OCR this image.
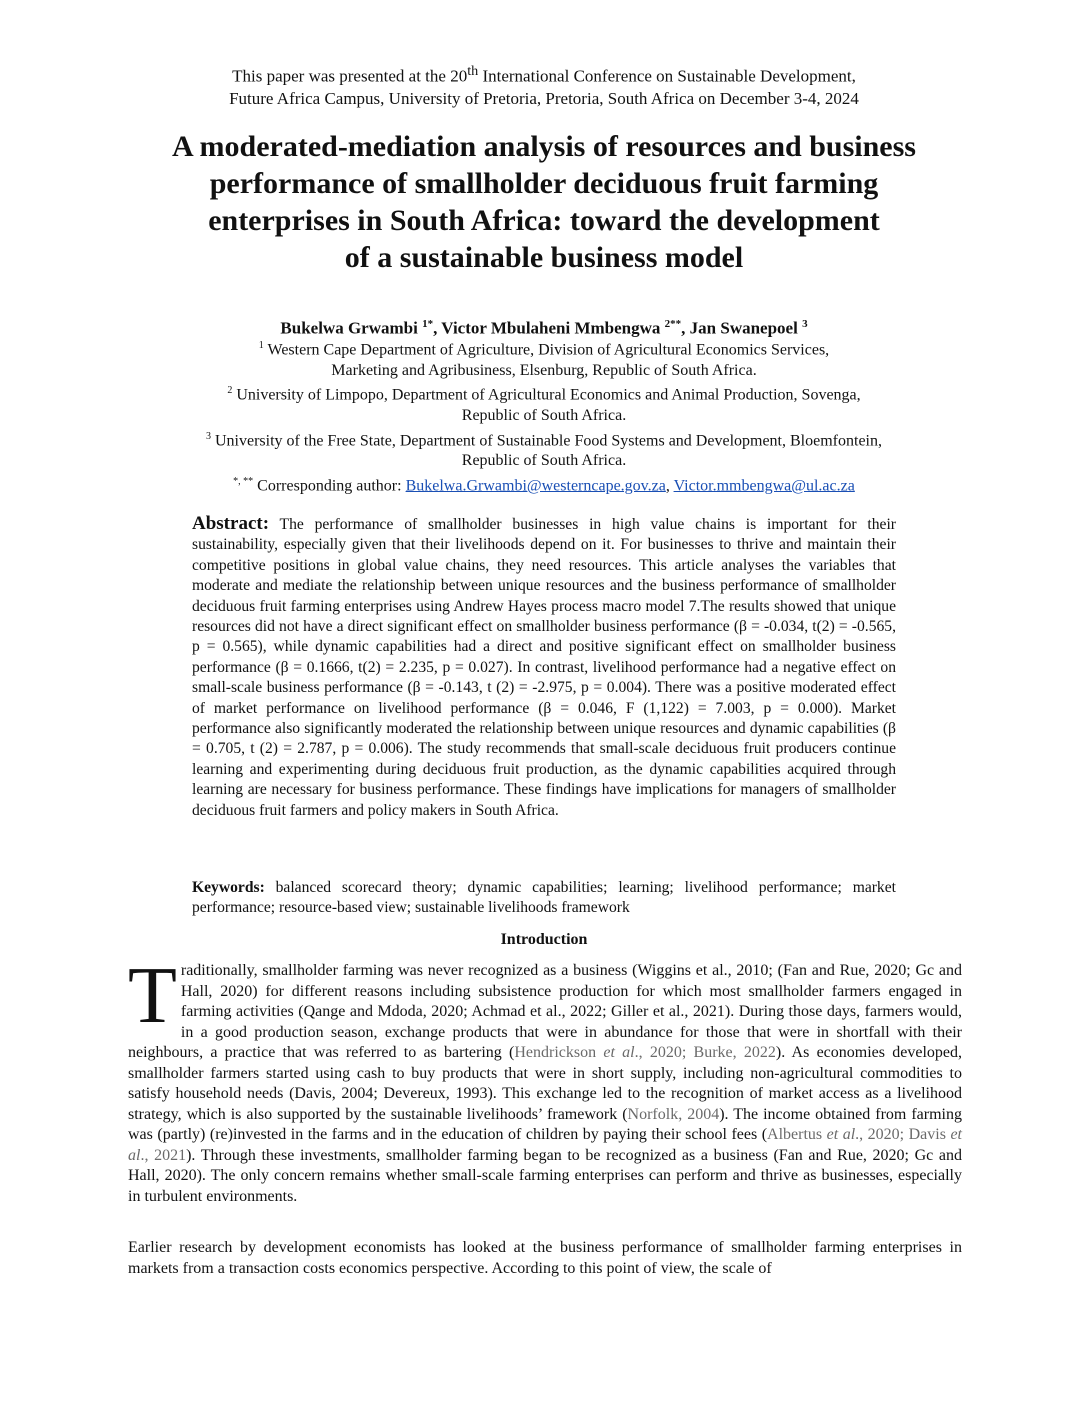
This paper was presented at the 20th International Conference on Sustainable Development,
Future Africa Campus, University of Pretoria, Pretoria, South Africa on December 3-4, 2024
A moderated-mediation analysis of resources and business
performance of smallholder deciduous fruit farming
enterprises in South Africa: toward the development
of a sustainable business model
Bukelwa Grwambi $^{1*}$, Victor Mbulaheni Mmbengwa $^{2**}$, Jan Swanepoel $^3$
$^1$ Western Cape Department of Agriculture, Division of Agricultural Economics Services,
Marketing and Agribusiness, Elsenburg, Republic of South Africa.
$^2$ University of Limpopo, Department of Agricultural Economics and Animal Production, Sovenga,
Republic of South Africa.
$^3$ University of the Free State, Department of Sustainable Food Systems and Development, Bloemfontein,
Republic of South Africa.
*, ** Corresponding author: Bukelwa.Grwambi@westerncape.gov.za, Victor.mmbengwa@ul.ac.za

Abstract: The performance of smallholder businesses in high value chains is important for their sustainability, especially given that their livelihoods depend on it. For businesses to thrive and maintain their competitive positions in global value chains, they need resources. This article analyses the variables that moderate and mediate the relationship between unique resources and the business performance of smallholder deciduous fruit farming enterprises using Andrew Hayes process macro model 7.The results showed that unique resources did not have a direct significant effect on smallholder business performance (β = -0.034, t(2) = -0.565, p = 0.565), while dynamic capabilities had a direct and positive significant effect on smallholder business performance (β = 0.1666, t(2) = 2.235, p = 0.027). In contrast, livelihood performance had a negative effect on small-scale business performance (β = -0.143, t (2) = -2.975, p = 0.004). There was a positive moderated effect of market performance on livelihood performance (β = 0.046, F (1,122) = 7.003, p = 0.000). Market performance also significantly moderated the relationship between unique resources and dynamic capabilities (β = 0.705, t (2) = 2.787, p = 0.006). The study recommends that small-scale deciduous fruit producers continue learning and experimenting during deciduous fruit production, as the dynamic capabilities acquired through learning are necessary for business performance. These findings have implications for managers of smallholder deciduous fruit farmers and policy makers in South Africa.

Keywords: balanced scorecard theory; dynamic capabilities; learning; livelihood performance; market performance; resource-based view; sustainable livelihoods framework

Introduction

Traditionally, smallholder farming was never recognized as a business (Wiggins et al., 2010; (Fan and Rue, 2020; Gc and Hall, 2020) for different reasons including subsistence production for which most smallholder farmers engaged in farming activities (Qange and Mdoda, 2020; Achmad et al., 2022; Giller et al., 2021). During those days, farmers would, in a good production season, exchange products that were in abundance for those that were in shortfall with their neighbours, a practice that was referred to as bartering (Hendrickson et al., 2020; Burke, 2022). As economies developed, smallholder farmers started using cash to buy products that were in short supply, including non-agricultural commodities to satisfy household needs (Davis, 2004; Devereux, 1993). This exchange led to the recognition of market access as a livelihood strategy, which is also supported by the sustainable livelihoods’ framework (Norfolk, 2004). The income obtained from farming was (partly) (re)invested in the farms and in the education of children by paying their school fees (Albertus et al., 2020; Davis et al., 2021). Through these investments, smallholder farming began to be recognized as a business (Fan and Rue, 2020; Gc and Hall, 2020). The only concern remains whether small-scale farming enterprises can perform and thrive as businesses, especially in turbulent environments.

Earlier research by development economists has looked at the business performance of smallholder farming enterprises in markets from a transaction costs economics perspective. According to this point of view, the scale of
